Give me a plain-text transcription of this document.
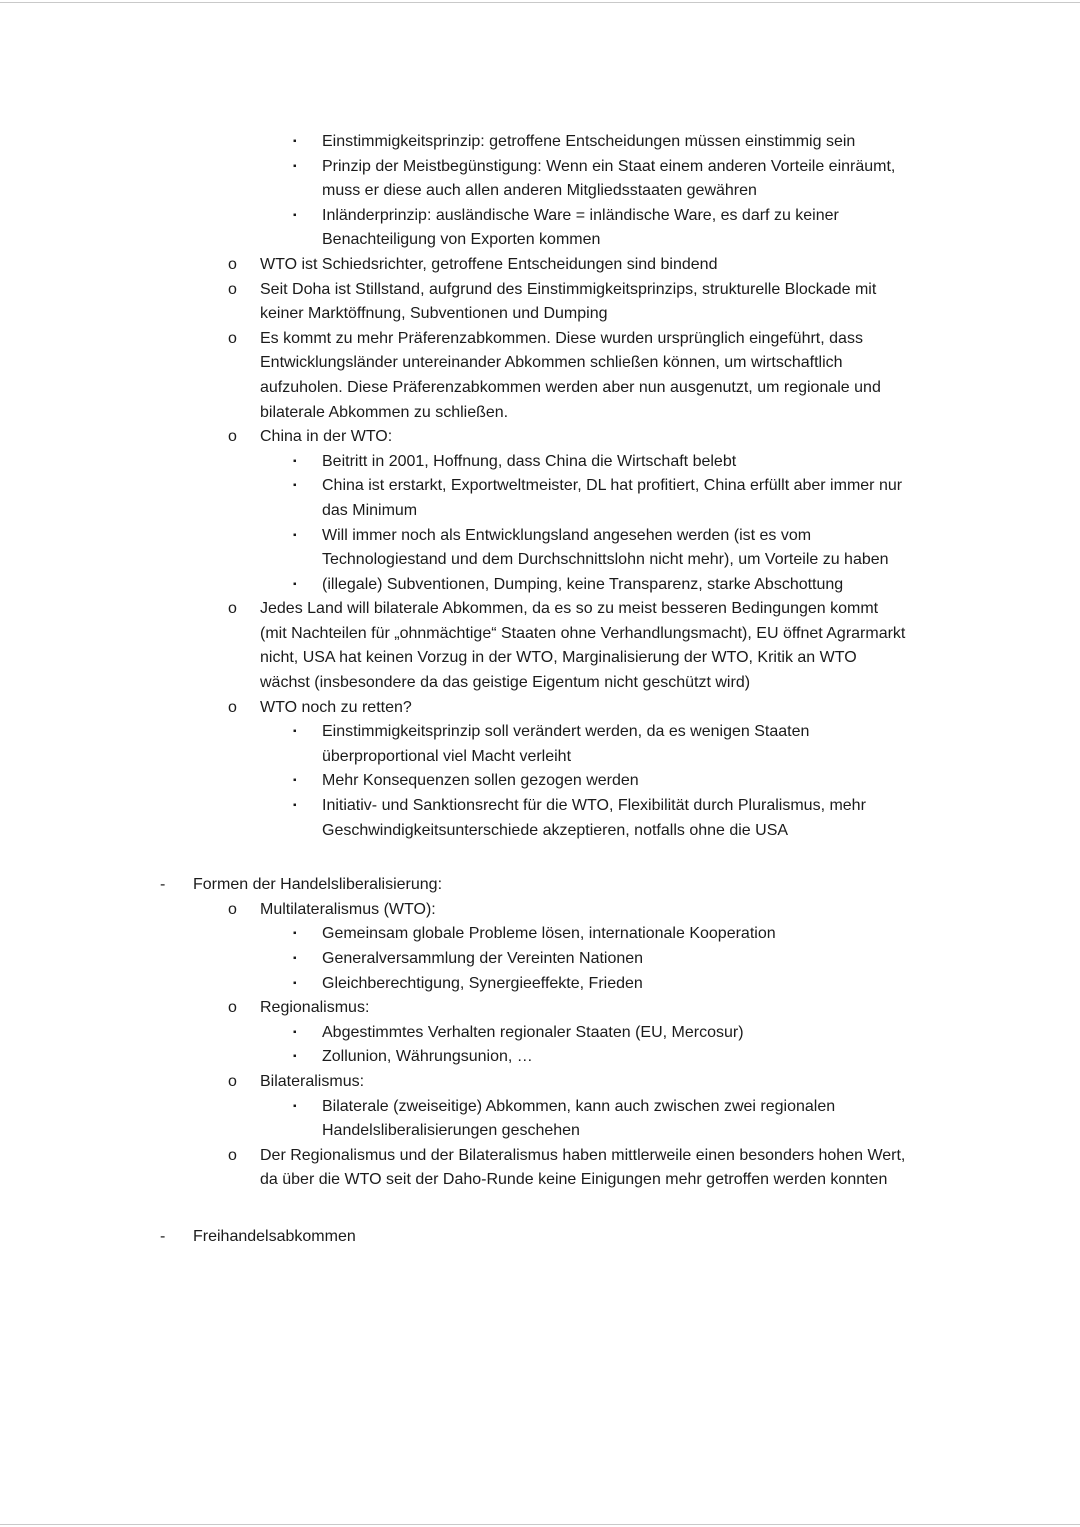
▪	Einstimmigkeitsprinzip: getroffene Entscheidungen müssen einstimmig sein
▪	Prinzip der Meistbegünstigung: Wenn ein Staat einem anderen Vorteile einräumt, muss er diese auch allen anderen Mitgliedsstaaten gewähren
▪	Inländerprinzip: ausländische Ware = inländische Ware, es darf zu keiner Benachteiligung von Exporten kommen
o	WTO ist Schiedsrichter, getroffene Entscheidungen sind bindend
o	Seit Doha ist Stillstand, aufgrund des Einstimmigkeitsprinzips, strukturelle Blockade mit keiner Marktöffnung, Subventionen und Dumping
o	Es kommt zu mehr Präferenzabkommen. Diese wurden ursprünglich eingeführt, dass Entwicklungsländer untereinander Abkommen schließen können, um wirtschaftlich aufzuholen. Diese Präferenzabkommen werden aber nun ausgenutzt, um regionale und bilaterale Abkommen zu schließen.
o	China in der WTO:
▪	Beitritt in 2001, Hoffnung, dass China die Wirtschaft belebt
▪	China ist erstarkt, Exportweltmeister, DL hat profitiert, China erfüllt aber immer nur das Minimum
▪	Will immer noch als Entwicklungsland angesehen werden (ist es vom Technologiestand und dem Durchschnittslohn nicht mehr), um Vorteile zu haben
▪	(illegale) Subventionen, Dumping, keine Transparenz, starke Abschottung
o	Jedes Land will bilaterale Abkommen, da es so zu meist besseren Bedingungen kommt (mit Nachteilen für „ohnmächtige“ Staaten ohne Verhandlungsmacht), EU öffnet Agrarmarkt nicht, USA hat keinen Vorzug in der WTO, Marginalisierung der WTO, Kritik an WTO wächst (insbesondere da das geistige Eigentum nicht geschützt wird)
o	WTO noch zu retten?
▪	Einstimmigkeitsprinzip soll verändert werden, da es wenigen Staaten überproportional viel Macht verleiht
▪	Mehr Konsequenzen sollen gezogen werden
▪	Initiativ- und Sanktionsrecht für die WTO, Flexibilität durch Pluralismus, mehr Geschwindigkeitsunterschiede akzeptieren, notfalls ohne die USA
-	Formen der Handelsliberalisierung:
o	Multilateralismus (WTO):
▪	Gemeinsam globale Probleme lösen, internationale Kooperation
▪	Generalversammlung der Vereinten Nationen
▪	Gleichberechtigung, Synergieeffekte, Frieden
o	Regionalismus:
▪	Abgestimmtes Verhalten regionaler Staaten (EU, Mercosur)
▪	Zollunion, Währungsunion, …
o	Bilateralismus:
▪	Bilaterale (zweiseitige) Abkommen, kann auch zwischen zwei regionalen Handelsliberalisierungen geschehen
o	Der Regionalismus und der Bilateralismus haben mittlerweile einen besonders hohen Wert, da über die WTO seit der Daho-Runde keine Einigungen mehr getroffen werden konnten
-	Freihandelsabkommen
